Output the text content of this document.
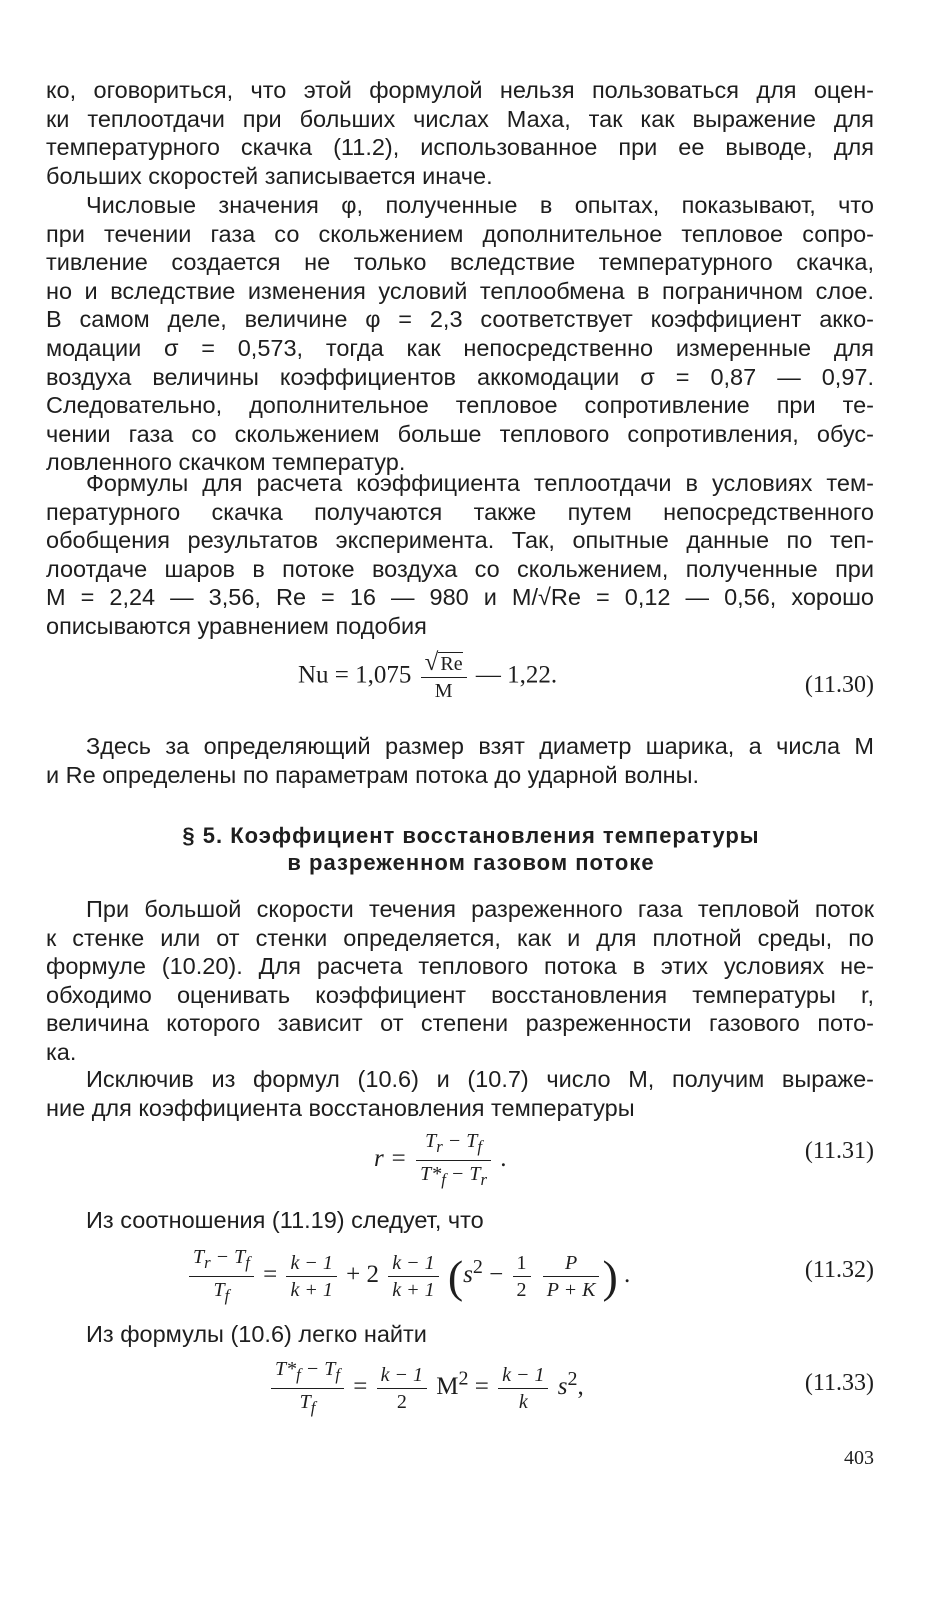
ко, оговориться, что этой формулой нельзя пользоваться для оцен-
ки теплоотдачи при больших числах Маха, так как выражение для
температурного скачка (11.2), использованное при ее выводе, для
больших скоростей записывается иначе.
Числовые значения φ, полученные в опытах, показывают, что
при течении газа со скольжением дополнительное тепловое сопро-
тивление создается не только вследствие температурного скачка,
но и вследствие изменения условий теплообмена в пограничном слое.
В самом деле, величине φ = 2,3 соответствует коэффициент акко-
модации σ = 0,573, тогда как непосредственно измеренные для
воздуха величины коэффициентов аккомодации σ = 0,87 — 0,97.
Следовательно, дополнительное тепловое сопротивление при те-
чении газа со скольжением больше теплового сопротивления, обус-
ловленного скачком температур.
Формулы для расчета коэффициента теплоотдачи в условиях тем-
пературного скачка получаются также путем непосредственного
обобщения результатов эксперимента. Так, опытные данные по теп-
лоотдаче шаров в потоке воздуха со скольжением, полученные при
M = 2,24 — 3,56, Re = 16 — 980 и M/√Re = 0,12 — 0,56, хорошо
описываются уравнением подобия
$Nu = 1,075 \frac{√ Re}{M}$ — 1,22.	(11.30)
Здесь за определяющий размер взят диаметр шарика, а числа M
и Re определены по параметрам потока до ударной волны.
§ 5. Коэффициент восстановления температуры
в разреженном газовом потоке
При большой скорости течения разреженного газа тепловой поток
к стенке или от стенки определяется, как и для плотной среды, по
формуле (10.20). Для расчета теплового потока в этих условиях не-
обходимо оценивать коэффициент восстановления температуры r,
величина которого зависит от степени разреженности газового пото-
ка.
Исключив из формул (10.6) и (10.7) число M, получим выраже-
ние для коэффициента восстановления температуры
$r = \frac{T_r - T_f}{T*_f - T_r}$ .	(11.31)
Из соотношения (11.19) следует, что
$\frac{T_r - T_f}{T_f} = \frac{k - 1}{k + 1} + 2 \frac{k - 1}{k + 1} (s^2 - \frac{1}{2}$
$\frac{P}{P + K}$ ) .	(11.32)
Из формулы (10.6) легко найти
$\frac{T*_f - T_f}{T_f} = \frac{k - 1}{2} M^2 = \frac{k - 1}{k} s^2$,	(11.33)
403
